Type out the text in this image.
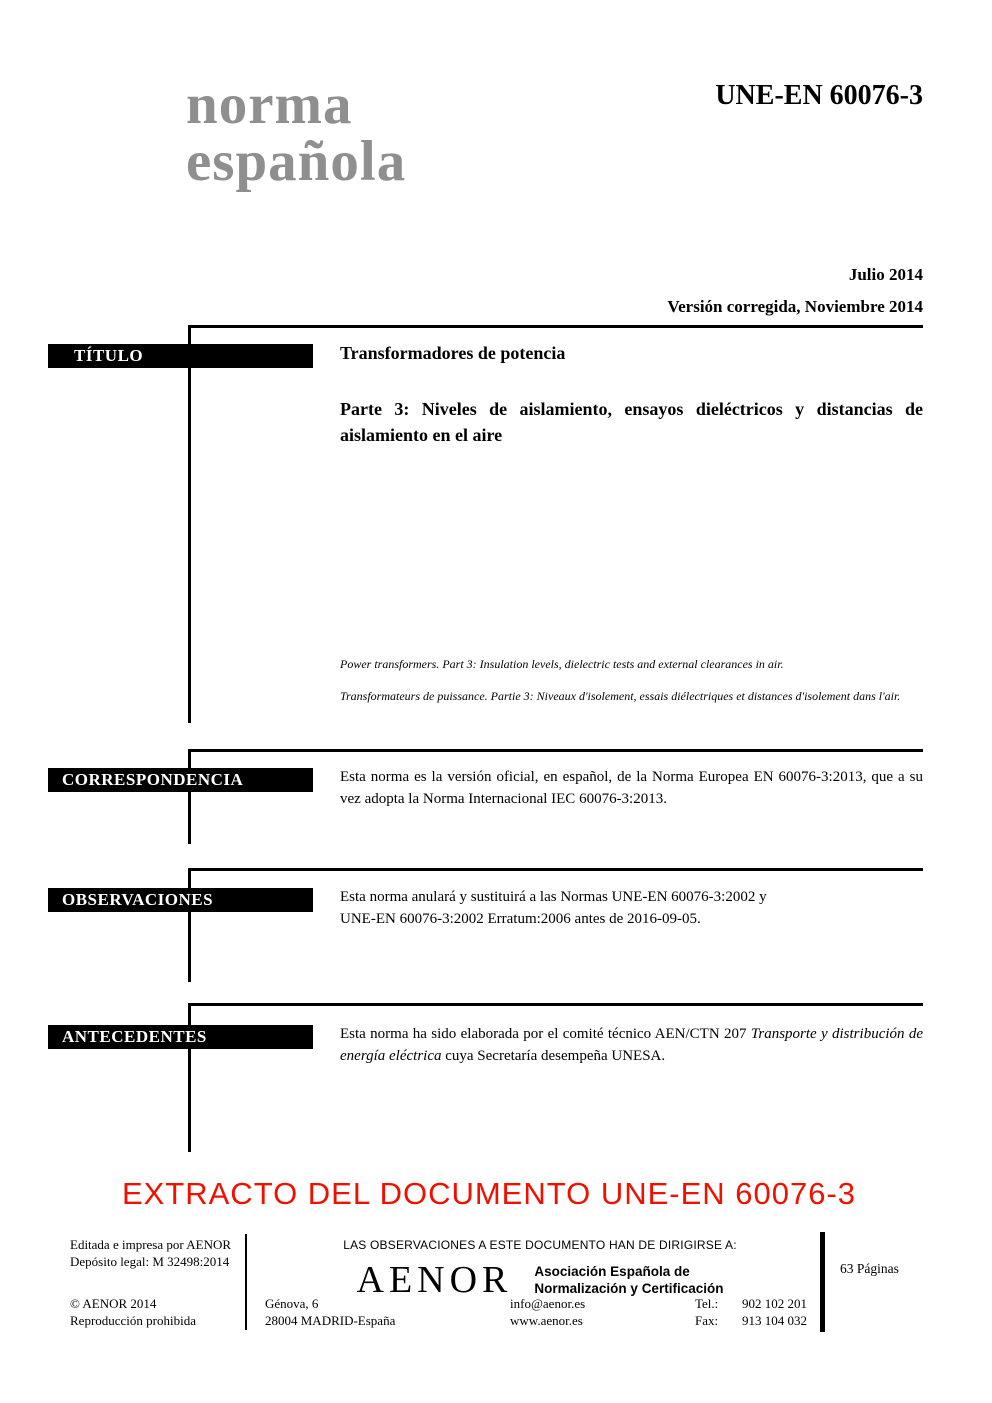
norma
española
UNE-EN 60076-3
Julio 2014
Versión corregida, Noviembre 2014
TÍTULO	Transformadores de potencia
Parte 3: Niveles de aislamiento, ensayos dieléctricos y distancias de aislamiento en el aire
Power transformers. Part 3: Insulation levels, dielectric tests and external clearances in air.
Transformateurs de puissance. Partie 3: Niveaux d'isolement, essais diélectriques et distances d'isolement dans l'air.
CORRESPONDENCIA	Esta norma es la versión oficial, en español, de la Norma Europea EN 60076-3:2013, que a su vez adopta la Norma Internacional IEC 60076-3:2013.
OBSERVACIONES	Esta norma anulará y sustituirá a las Normas UNE-EN 60076-3:2002 y
UNE-EN 60076-3:2002 Erratum:2006 antes de 2016-09-05.
ANTECEDENTES	Esta norma ha sido elaborada por el comité técnico AEN/CTN 207 Transporte y distribución de energía eléctrica cuya Secretaría desempeña UNESA.
EXTRACTO DEL DOCUMENTO UNE-EN 60076-3
Editada e impresa por AENOR
Depósito legal: M 32498:2014
© AENOR 2014
Reproducción prohibida
LAS OBSERVACIONES A ESTE DOCUMENTO HAN DE DIRIGIRSE A:
AENOR Asociación Española de
Normalización y Certificación
Génova, 6
28004 MADRID-España
info@aenor.es
www.aenor.es
Tel.: 902 102 201
Fax: 913 104 032
63 Páginas
